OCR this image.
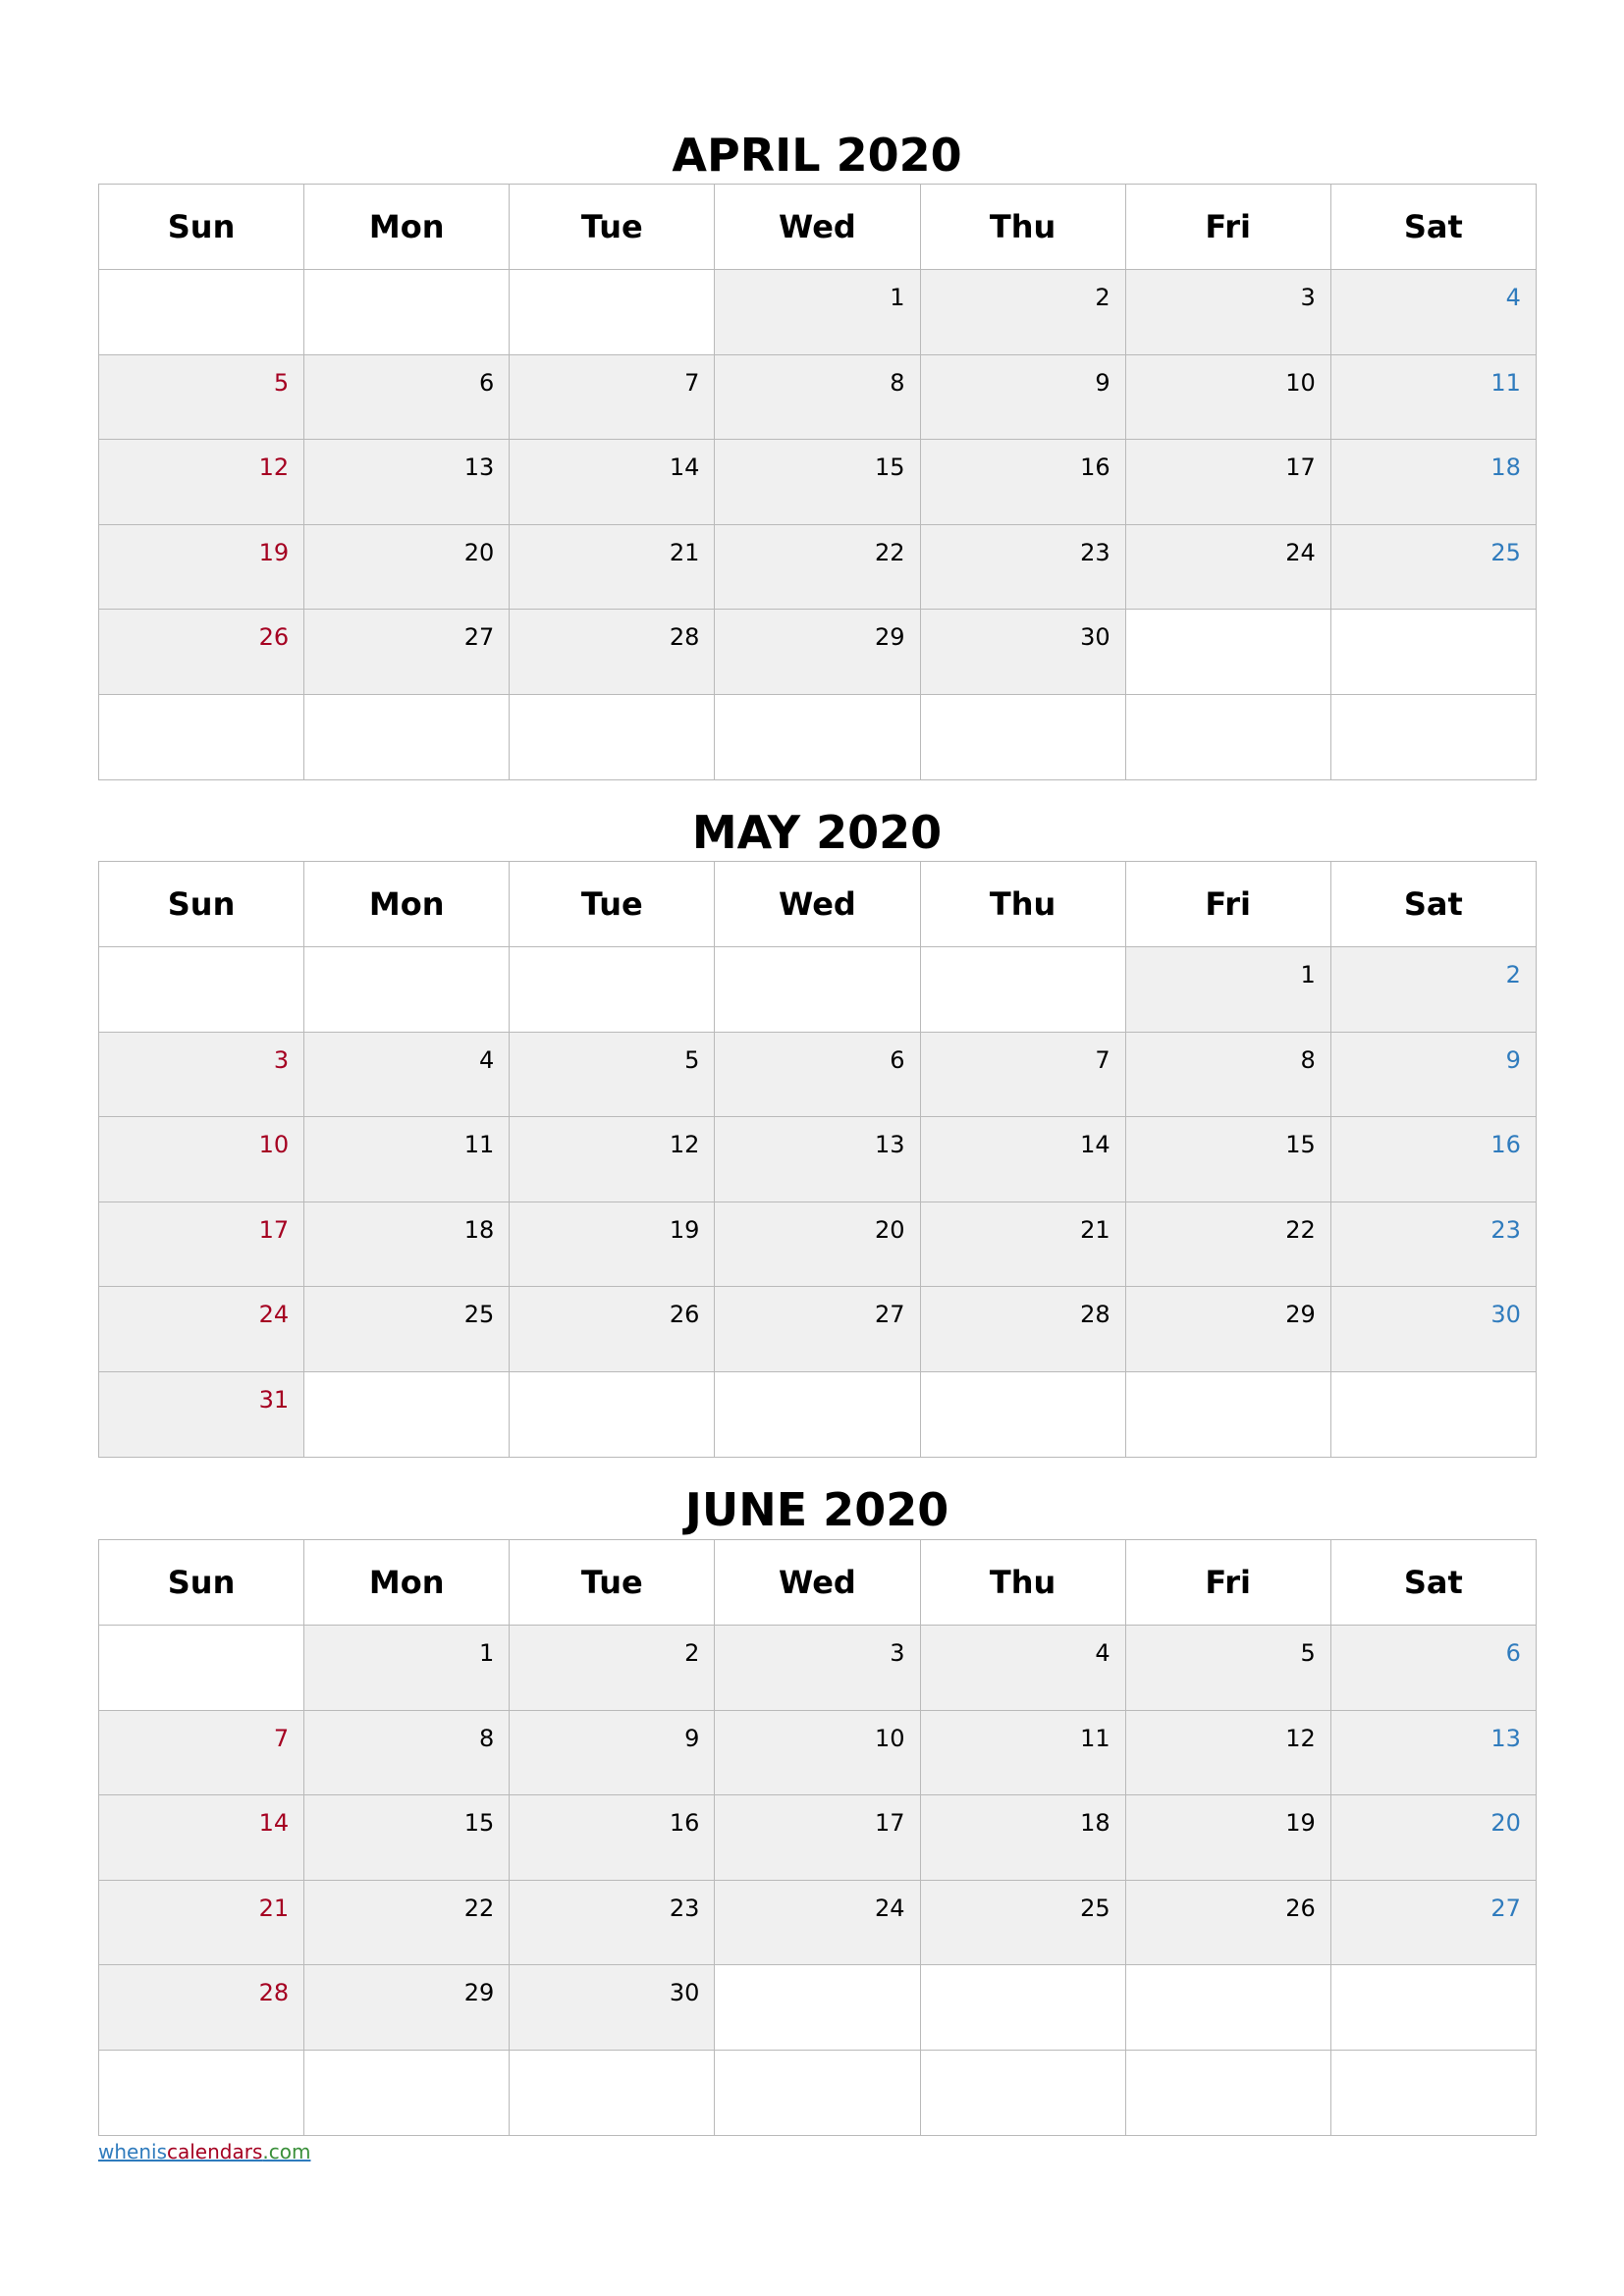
APRIL 2020
Sun	Mon	Tue	Wed	Thu	Fri	Sat

			1	2	3	4

5	6	7	8	9	10	11

12	13	14	15	16	17	18

19	20	21	22	23	24	25

26	27	28	29	30		

MAY 2020
Sun	Mon	Tue	Wed	Thu	Fri	Sat

					1	2

3	4	5	6	7	8	9

10	11	12	13	14	15	16

17	18	19	20	21	22	23

24	25	26	27	28	29	30

31						

JUNE 2020
Sun	Mon	Tue	Wed	Thu	Fri	Sat

	1	2	3	4	5	6

7	8	9	10	11	12	13

14	15	16	17	18	19	20

21	22	23	24	25	26	27

28	29	30				

wheniscalendars.com
